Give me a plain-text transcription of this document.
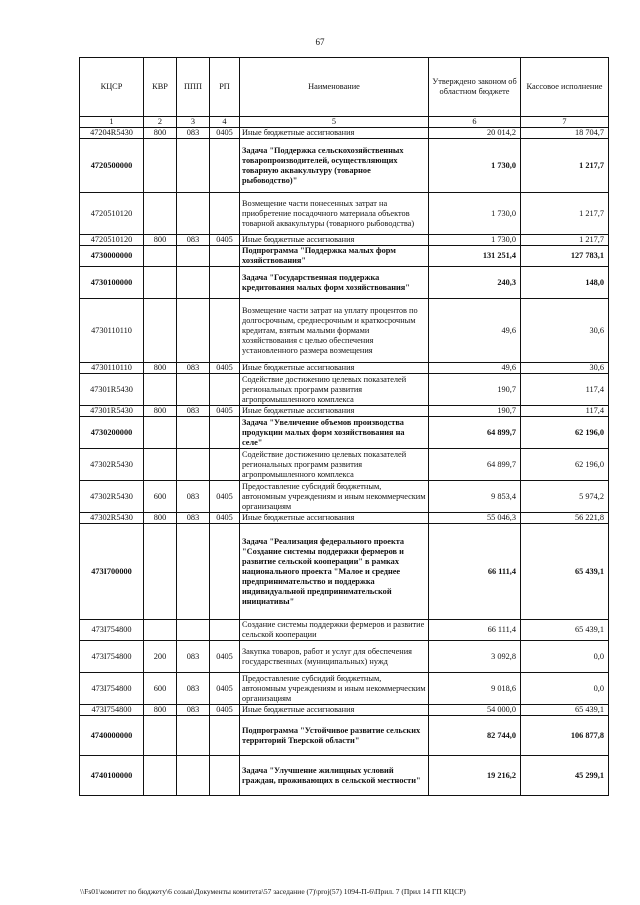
67
КЦСР	КВР	ППП	РП	Наименование	Утверждено законом об областном бюджете	Кассовое исполнение
1	2	3	4	5	6	7
47204R5430	800	083	0405	Иные бюджетные ассигнования	20 014,2	18 704,7
4720500000				Задача "Поддержка сельскохозяйственных товаропроизводителей, осуществляющих товарную аквакультуру (товарное рыбоводство)"	1 730,0	1 217,7
4720510120				Возмещение части понесенных затрат на приобретение посадочного материала объектов товарной аквакультуры (товарного рыбоводства)	1 730,0	1 217,7
4720510120	800	083	0405	Иные бюджетные ассигнования	1 730,0	1 217,7
4730000000				Подпрограмма "Поддержка малых форм хозяйствования"	131 251,4	127 783,1
4730100000				Задача "Государственная поддержка кредитования малых форм хозяйствования"	240,3	148,0
4730110110				Возмещение части затрат на уплату процентов по долгосрочным, среднесрочным и краткосрочным кредитам, взятым малыми формами хозяйствования с целью обеспечения установленного размера возмещения	49,6	30,6
4730110110	800	083	0405	Иные бюджетные ассигнования	49,6	30,6
47301R5430				Содействие достижению целевых показателей региональных программ развития агропромышленного комплекса	190,7	117,4
47301R5430	800	083	0405	Иные бюджетные ассигнования	190,7	117,4
4730200000				Задача "Увеличение объемов производства продукции малых форм хозяйствования на селе"	64 899,7	62 196,0
47302R5430				Содействие достижению целевых показателей региональных программ развития агропромышленного комплекса	64 899,7	62 196,0
47302R5430	600	083	0405	Предоставление субсидий бюджетным, автономным учреждениям и иным некоммерческим организациям	9 853,4	5 974,2
47302R5430	800	083	0405	Иные бюджетные ассигнования	55 046,3	56 221,8
473I700000				Задача "Реализация федерального проекта "Создание системы поддержки фермеров и развитие сельской кооперации" в рамках национального проекта "Малое и среднее предпринимательство и поддержка индивидуальной предпринимательской инициативы"	66 111,4	65 439,1
473I754800				Создание системы поддержки фермеров и развитие сельской кооперации	66 111,4	65 439,1
473I754800	200	083	0405	Закупка товаров, работ и услуг для обеспечения государственных (муниципальных) нужд	3 092,8	0,0
473I754800	600	083	0405	Предоставление субсидий бюджетным, автономным учреждениям и иным некоммерческим организациям	9 018,6	0,0
473I754800	800	083	0405	Иные бюджетные ассигнования	54 000,0	65 439,1
4740000000				Подпрограмма "Устойчивое развитие сельских территорий Тверской области"	82 744,0	106 877,8
4740100000				Задача "Улучшение жилищных условий граждан, проживающих в сельской местности"	19 216,2	45 299,1
\\Fs01\комитет по бюджету\6 созыв\Документы комитета\57 заседание (7)\proj(57) 1094-П-6\Прил. 7 (Прил 14 ГП КЦСР)
